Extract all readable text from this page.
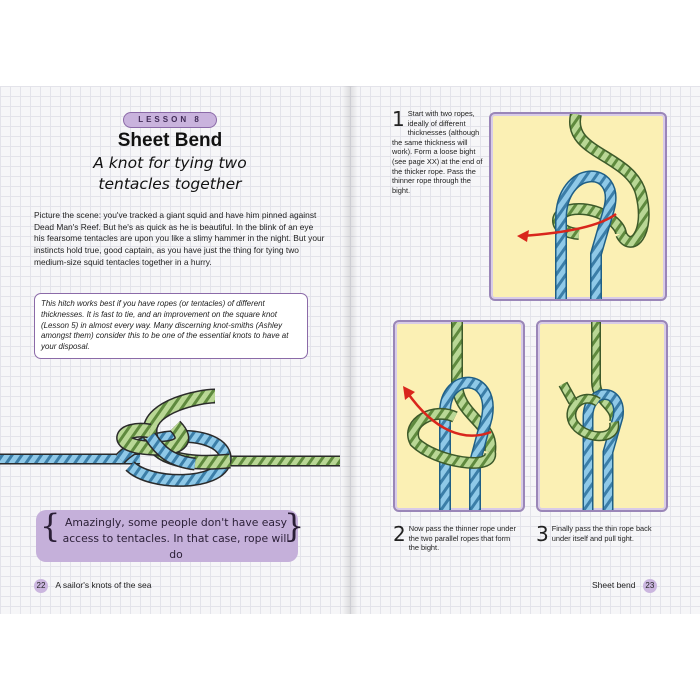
LESSON 8
Sheet Bend
A knot for tying two
tentacles together

Picture the scene: you've tracked a giant squid and have him pinned against Dead Man's Reef. But he's as quick as he is beautiful. In the blink of an eye his fearsome tentacles are upon you like a slimy hammer in the night. But your instincts hold true, good captain, as you have just the thing for tying two medium-size squid tentacles together in a hurry.

This hitch works best if you have ropes (or tentacles) of different thicknesses. It is fast to tie, and an improvement on the square knot (Lesson 5) in almost every way. Many discerning knot-smiths (Ashley amongst them) consider this to be one of the essential knots to have at your disposal.
{	}
Amazingly, some people don't have easy access to tentacles. In that case, rope will do
22 A sailor's knots of the sea
1 Start with two ropes, ideally of different thicknesses (although the same thickness will work). Form a loose bight (see page XX) at the end of the thicker rope. Pass the thinner rope through the bight.
2 Now pass the thinner rope under the two parallel ropes that form the bight.
3 Finally pass the thin rope back under itself and pull tight.
Sheet bend 23
